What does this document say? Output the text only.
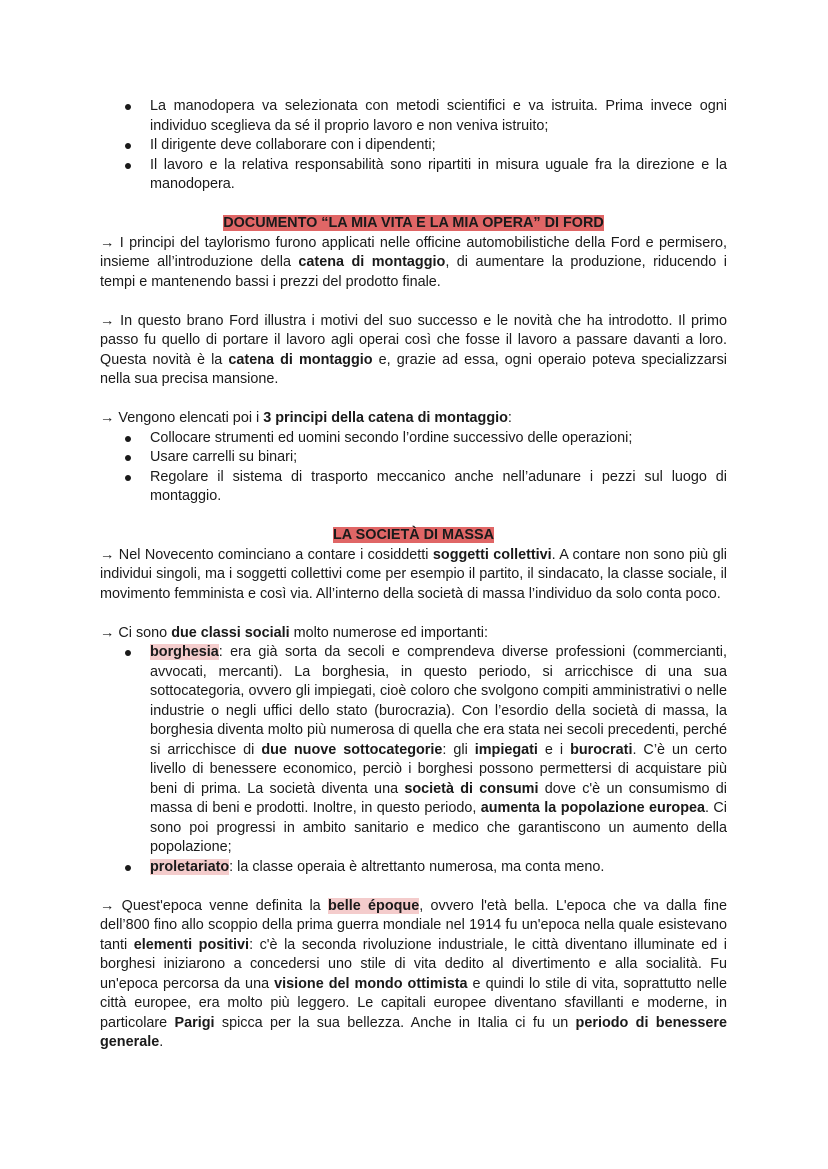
La manodopera va selezionata con metodi scientifici e va istruita. Prima invece ogni individuo sceglieva da sé il proprio lavoro e non veniva istruito;
Il dirigente deve collaborare con i dipendenti;
Il lavoro e la relativa responsabilità sono ripartiti in misura uguale fra la direzione e la manodopera.
DOCUMENTO “LA MIA VITA E LA MIA OPERA” DI FORD

→ I principi del taylorismo furono applicati nelle officine automobilistiche della Ford e permisero, insieme all’introduzione della catena di montaggio, di aumentare la produzione, riducendo i tempi e mantenendo bassi i prezzi del prodotto finale.

→ In questo brano Ford illustra i motivi del suo successo e le novità che ha introdotto. Il primo passo fu quello di portare il lavoro agli operai così che fosse il lavoro a passare davanti a loro. Questa novità è la catena di montaggio e, grazie ad essa, ogni operaio poteva specializzarsi nella sua precisa mansione.

→ Vengono elencati poi i 3 principi della catena di montaggio:

Collocare strumenti ed uomini secondo l’ordine successivo delle operazioni;
Usare carrelli su binari;
Regolare il sistema di trasporto meccanico anche nell’adunare i pezzi sul luogo di montaggio.
LA SOCIETÀ DI MASSA

→ Nel Novecento cominciano a contare i cosiddetti soggetti collettivi. A contare non sono più gli individui singoli, ma i soggetti collettivi come per esempio il partito, il sindacato, la classe sociale, il movimento femminista e così via. All’interno della società di massa l’individuo da solo conta poco.

→ Ci sono due classi sociali molto numerose ed importanti:

borghesia: era già sorta da secoli e comprendeva diverse professioni (commercianti, avvocati, mercanti). La borghesia, in questo periodo, si arricchisce di una sua sottocategoria, ovvero gli impiegati, cioè coloro che svolgono compiti amministrativi o nelle industrie o negli uffici dello stato (burocrazia). Con l’esordio della società di massa, la borghesia diventa molto più numerosa di quella che era stata nei secoli precedenti, perché si arricchisce di due nuove sottocategorie: gli impiegati e i burocrati. C’è un certo livello di benessere economico, perciò i borghesi possono permettersi di acquistare più beni di prima. La società diventa una società di consumi dove c'è un consumismo di massa di beni e prodotti. Inoltre, in questo periodo, aumenta la popolazione europea. Ci sono poi progressi in ambito sanitario e medico che garantiscono un aumento della popolazione;
proletariato: la classe operaia è altrettanto numerosa, ma conta meno.

→ Quest'epoca venne definita la belle époque, ovvero l'età bella. L'epoca che va dalla fine dell’800 fino allo scoppio della prima guerra mondiale nel 1914 fu un'epoca nella quale esistevano tanti elementi positivi: c'è la seconda rivoluzione industriale, le città diventano illuminate ed i borghesi iniziarono a concedersi uno stile di vita dedito al divertimento e alla socialità. Fu un'epoca percorsa da una visione del mondo ottimista e quindi lo stile di vita, soprattutto nelle città europee, era molto più leggero. Le capitali europee diventano sfavillanti e moderne, in particolare Parigi spicca per la sua bellezza. Anche in Italia ci fu un periodo di benessere generale.
